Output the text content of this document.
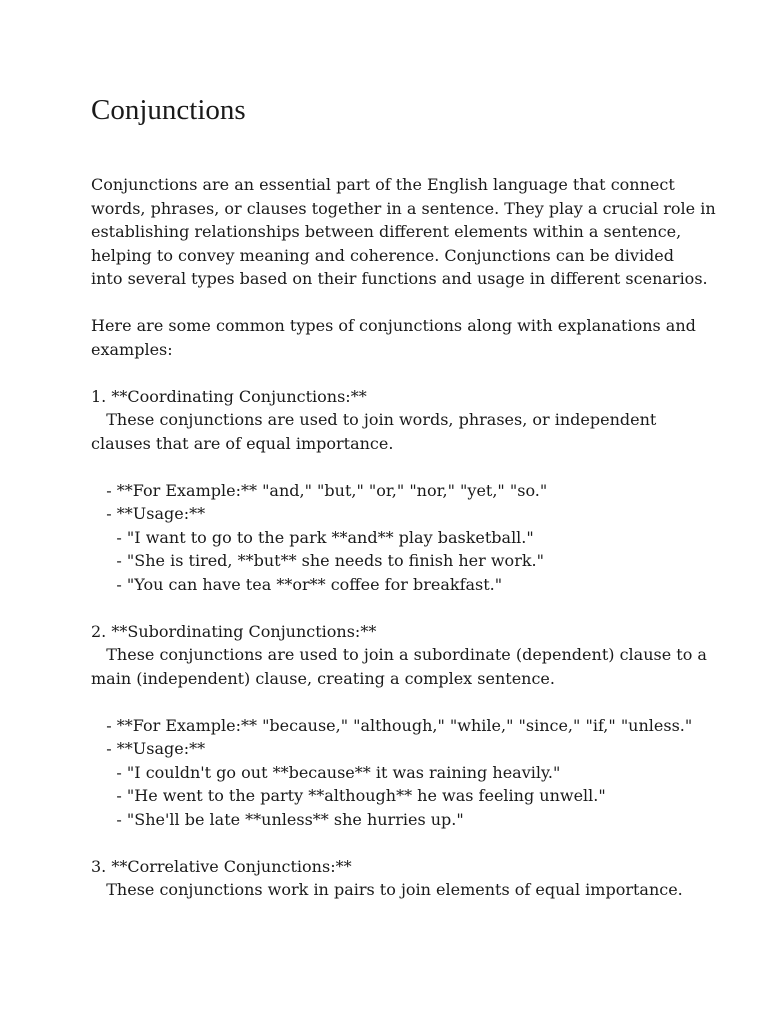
Conjunctions
Conjunctions are an essential part of the English language that connect
words, phrases, or clauses together in a sentence. They play a crucial role in
establishing relationships between different elements within a sentence,
helping to convey meaning and coherence. Conjunctions can be divided
into several types based on their functions and usage in different scenarios.
Here are some common types of conjunctions along with explanations and
examples:
1. **Coordinating Conjunctions:**
These conjunctions are used to join words, phrases, or independent
clauses that are of equal importance.
- **For Example:** "and," "but," "or," "nor," "yet," "so."
- **Usage:**
- "I want to go to the park **and** play basketball."
- "She is tired, **but** she needs to finish her work."
- "You can have tea **or** coffee for breakfast."
2. **Subordinating Conjunctions:**
These conjunctions are used to join a subordinate (dependent) clause to a
main (independent) clause, creating a complex sentence.
- **For Example:** "because," "although," "while," "since," "if," "unless."
- **Usage:**
- "I couldn't go out **because** it was raining heavily."
- "He went to the party **although** he was feeling unwell."
- "She'll be late **unless** she hurries up."
3. **Correlative Conjunctions:**
These conjunctions work in pairs to join elements of equal importance.
